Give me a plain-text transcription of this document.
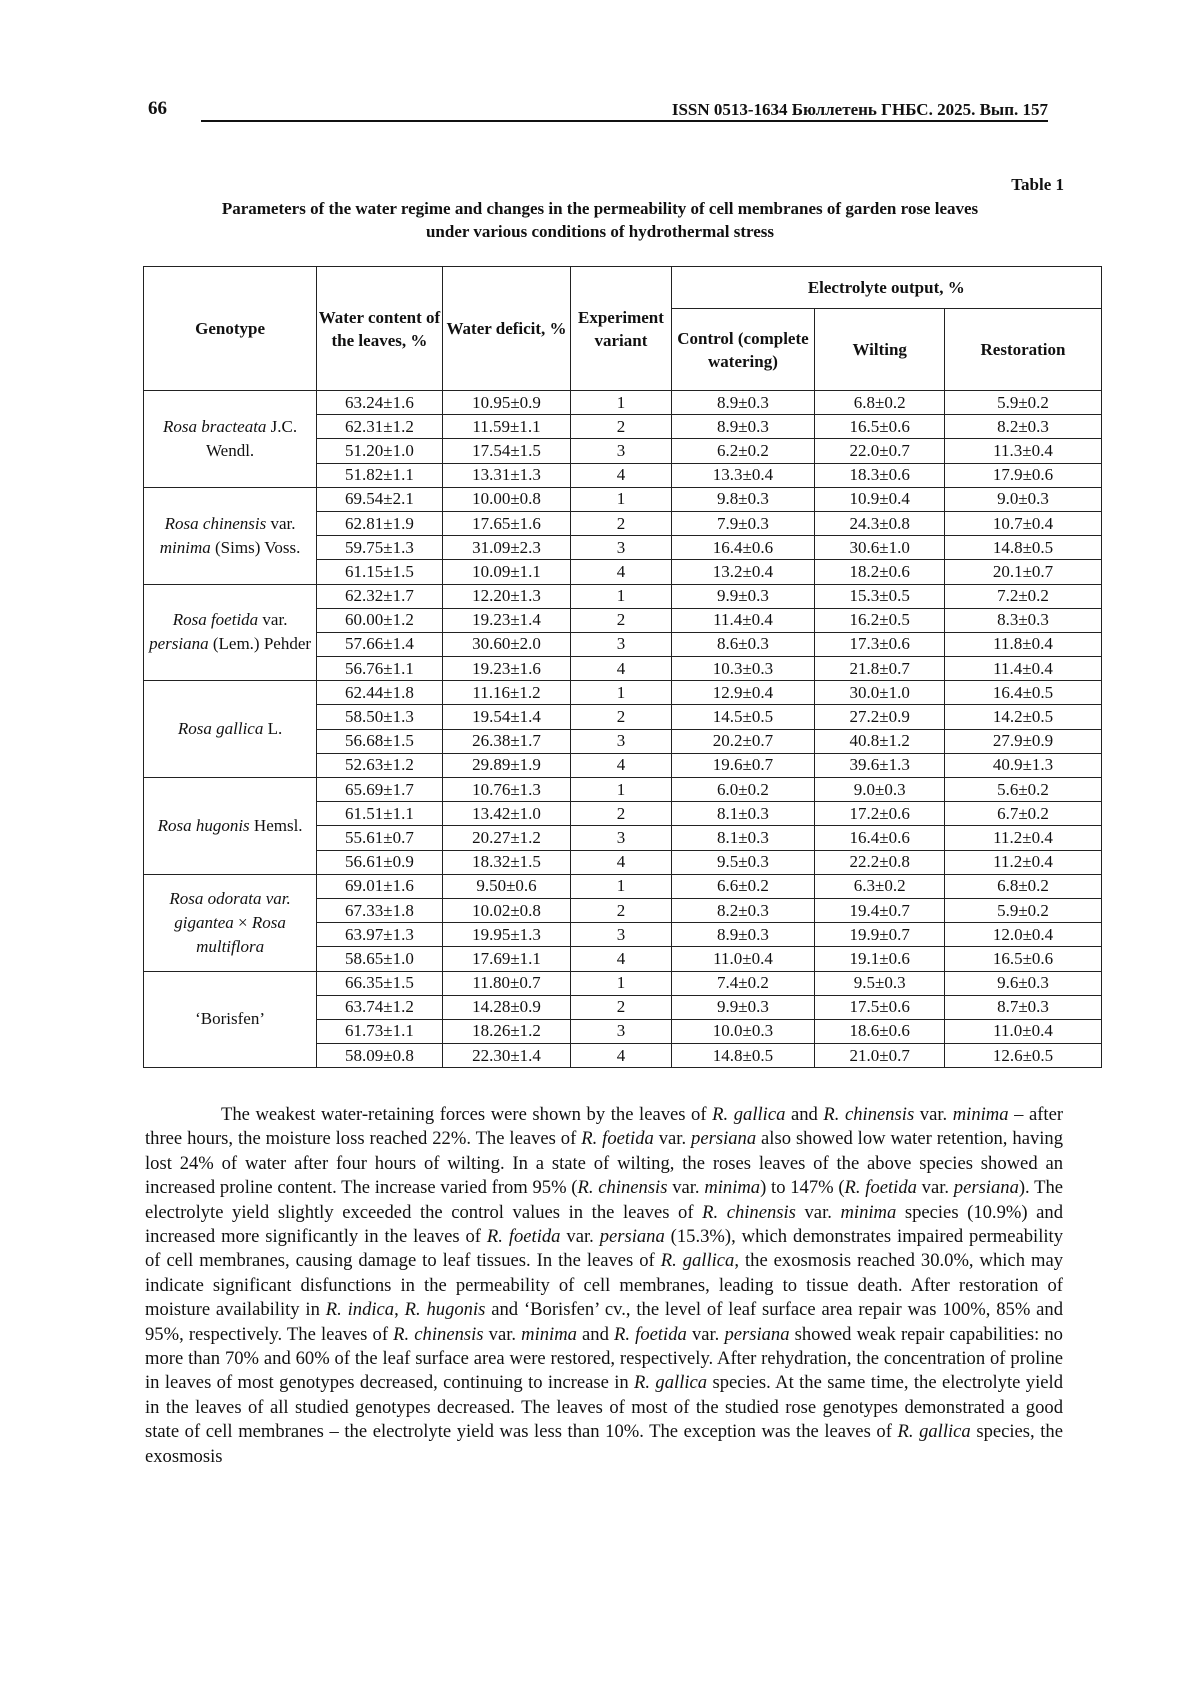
66	ISSN 0513-1634 Бюллетень ГНБС. 2025. Вып. 157
Table 1
Parameters of the water regime and changes in the permeability of cell membranes of garden rose leaves
under various conditions of hydrothermal stress
Genotype	Water content of the leaves, %	Water deficit, %	Experiment variant	Electrolyte output, %		
				Control (complete watering)	Wilting	Restoration
Rosa bracteata J.C. Wendl.	63.24±1.6	10.95±0.9	1	8.9±0.3	6.8±0.2	5.9±0.2
	62.31±1.2	11.59±1.1	2	8.9±0.3	16.5±0.6	8.2±0.3
	51.20±1.0	17.54±1.5	3	6.2±0.2	22.0±0.7	11.3±0.4
	51.82±1.1	13.31±1.3	4	13.3±0.4	18.3±0.6	17.9±0.6
Rosa chinensis var. minima (Sims) Voss.	69.54±2.1	10.00±0.8	1	9.8±0.3	10.9±0.4	9.0±0.3
	62.81±1.9	17.65±1.6	2	7.9±0.3	24.3±0.8	10.7±0.4
	59.75±1.3	31.09±2.3	3	16.4±0.6	30.6±1.0	14.8±0.5
	61.15±1.5	10.09±1.1	4	13.2±0.4	18.2±0.6	20.1±0.7
Rosa foetida var. persiana (Lem.) Pehder	62.32±1.7	12.20±1.3	1	9.9±0.3	15.3±0.5	7.2±0.2
	60.00±1.2	19.23±1.4	2	11.4±0.4	16.2±0.5	8.3±0.3
	57.66±1.4	30.60±2.0	3	8.6±0.3	17.3±0.6	11.8±0.4
	56.76±1.1	19.23±1.6	4	10.3±0.3	21.8±0.7	11.4±0.4
Rosa gallica L.	62.44±1.8	11.16±1.2	1	12.9±0.4	30.0±1.0	16.4±0.5
	58.50±1.3	19.54±1.4	2	14.5±0.5	27.2±0.9	14.2±0.5
	56.68±1.5	26.38±1.7	3	20.2±0.7	40.8±1.2	27.9±0.9
	52.63±1.2	29.89±1.9	4	19.6±0.7	39.6±1.3	40.9±1.3
Rosa hugonis Hemsl.	65.69±1.7	10.76±1.3	1	6.0±0.2	9.0±0.3	5.6±0.2
	61.51±1.1	13.42±1.0	2	8.1±0.3	17.2±0.6	6.7±0.2
	55.61±0.7	20.27±1.2	3	8.1±0.3	16.4±0.6	11.2±0.4
	56.61±0.9	18.32±1.5	4	9.5±0.3	22.2±0.8	11.2±0.4
Rosa odorata var. gigantea × Rosa multiflora	69.01±1.6	9.50±0.6	1	6.6±0.2	6.3±0.2	6.8±0.2
	67.33±1.8	10.02±0.8	2	8.2±0.3	19.4±0.7	5.9±0.2
	63.97±1.3	19.95±1.3	3	8.9±0.3	19.9±0.7	12.0±0.4
	58.65±1.0	17.69±1.1	4	11.0±0.4	19.1±0.6	16.5±0.6
‘Borisfen’	66.35±1.5	11.80±0.7	1	7.4±0.2	9.5±0.3	9.6±0.3
	63.74±1.2	14.28±0.9	2	9.9±0.3	17.5±0.6	8.7±0.3
	61.73±1.1	18.26±1.2	3	10.0±0.3	18.6±0.6	11.0±0.4
	58.09±0.8	22.30±1.4	4	14.8±0.5	21.0±0.7	12.6±0.5

The weakest water-retaining forces were shown by the leaves of R. gallica and R. chinensis var. minima – after three hours, the moisture loss reached 22%. The leaves of R. foetida var. persiana also showed low water retention, having lost 24% of water after four hours of wilting. In a state of wilting, the roses leaves of the above species showed an increased proline content. The increase varied from 95% (R. chinensis var. minima) to 147% (R. foetida var. persiana). The electrolyte yield slightly exceeded the control values in the leaves of R. chinensis var. minima species (10.9%) and increased more significantly in the leaves of R. foetida var. persiana (15.3%), which demonstrates impaired permeability of cell membranes, causing damage to leaf tissues. In the leaves of R. gallica, the exosmosis reached 30.0%, which may indicate significant disfunctions in the permeability of cell membranes, leading to tissue death. After restoration of moisture availability in R. indica, R. hugonis and ‘Borisfen’ cv., the level of leaf surface area repair was 100%, 85% and 95%, respectively. The leaves of R. chinensis var. minima and R. foetida var. persiana showed weak repair capabilities: no more than 70% and 60% of the leaf surface area were restored, respectively. After rehydration, the concentration of proline in leaves of most genotypes decreased, continuing to increase in R. gallica species. At the same time, the electrolyte yield in the leaves of all studied genotypes decreased. The leaves of most of the studied rose genotypes demonstrated a good state of cell membranes – the electrolyte yield was less than 10%. The exception was the leaves of R. gallica species, the exosmosis
